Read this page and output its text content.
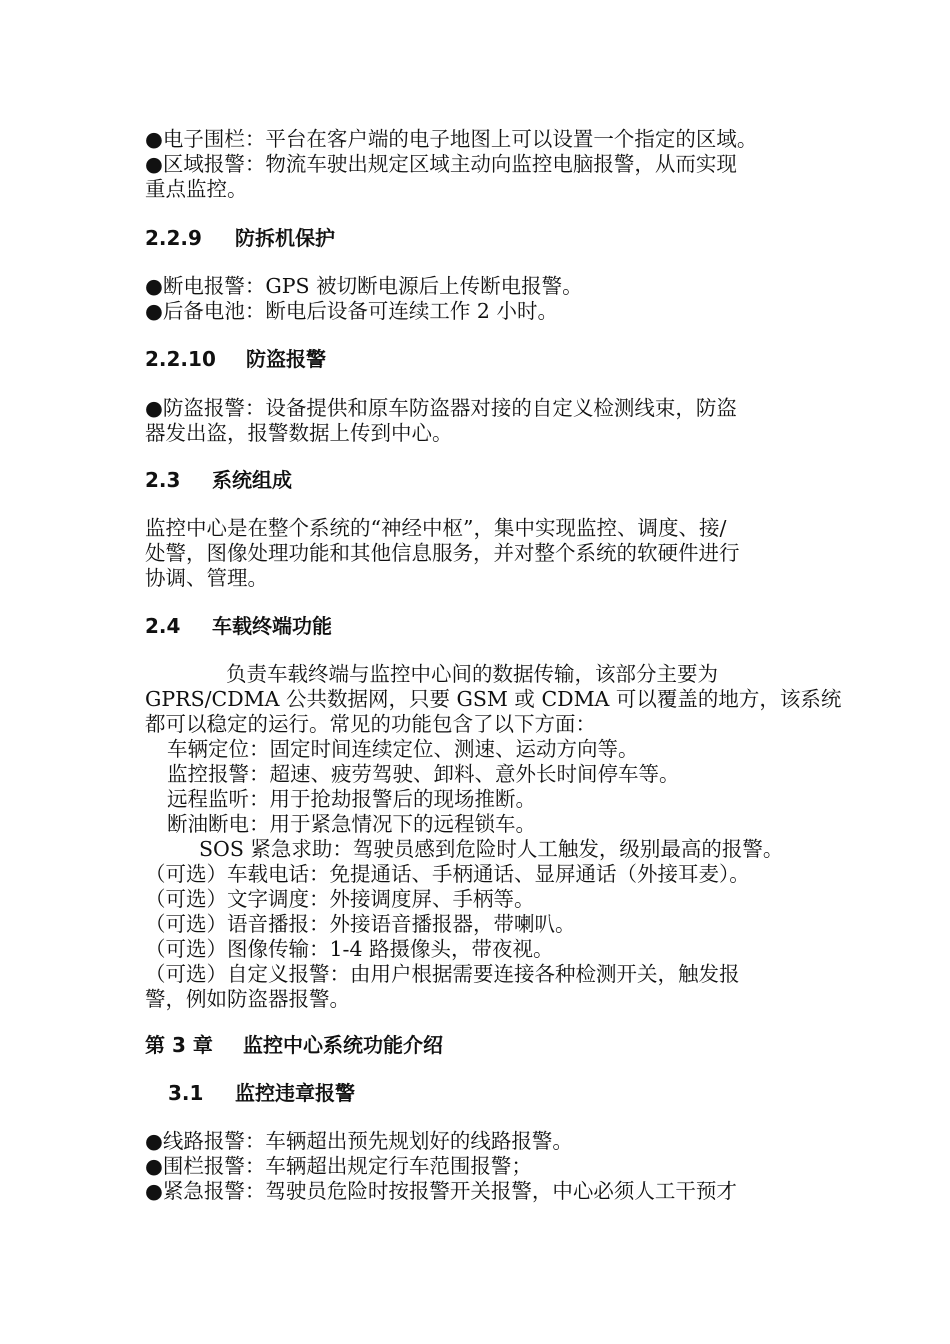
●电子围栏：平台在客户端的电子地图上可以设置一个指定的区域。
●区域报警：物流车驶出规定区域主动向监控电脑报警，从而实现
重点监控。
2.2.9 防拆机保护
●断电报警：GPS 被切断电源后上传断电报警。
●后备电池：断电后设备可连续工作 2 小时。
2.2.10 防盗报警
●防盗报警：设备提供和原车防盗器对接的自定义检测线束，防盗
器发出盗，报警数据上传到中心。
2.3 系统组成
监控中心是在整个系统的“神经中枢”，集中实现监控、调度、接/
处警，图像处理功能和其他信息服务，并对整个系统的软硬件进行
协调、管理。
2.4 车载终端功能
负责车载终端与监控中心间的数据传输，该部分主要为
GPRS/CDMA 公共数据网，只要 GSM 或 CDMA 可以覆盖的地方，该系统
都可以稳定的运行。常见的功能包含了以下方面：
车辆定位：固定时间连续定位、测速、运动方向等。
监控报警：超速、疲劳驾驶、卸料、意外长时间停车等。
远程监听：用于抢劫报警后的现场推断。
断油断电：用于紧急情况下的远程锁车。
SOS 紧急求助：驾驶员感到危险时人工触发，级别最高的报警。
（可选）车载电话：免提通话、手柄通话、显屏通话（外接耳麦）。
（可选）文字调度：外接调度屏、手柄等。
（可选）语音播报：外接语音播报器，带喇叭。
（可选）图像传输：1-4 路摄像头，带夜视。
（可选）自定义报警：由用户根据需要连接各种检测开关，触发报
警，例如防盗器报警。
第 3 章 监控中心系统功能介绍
3.1 监控违章报警
●线路报警：车辆超出预先规划好的线路报警。
●围栏报警：车辆超出规定行车范围报警；
●紧急报警：驾驶员危险时按报警开关报警，中心必须人工干预才
